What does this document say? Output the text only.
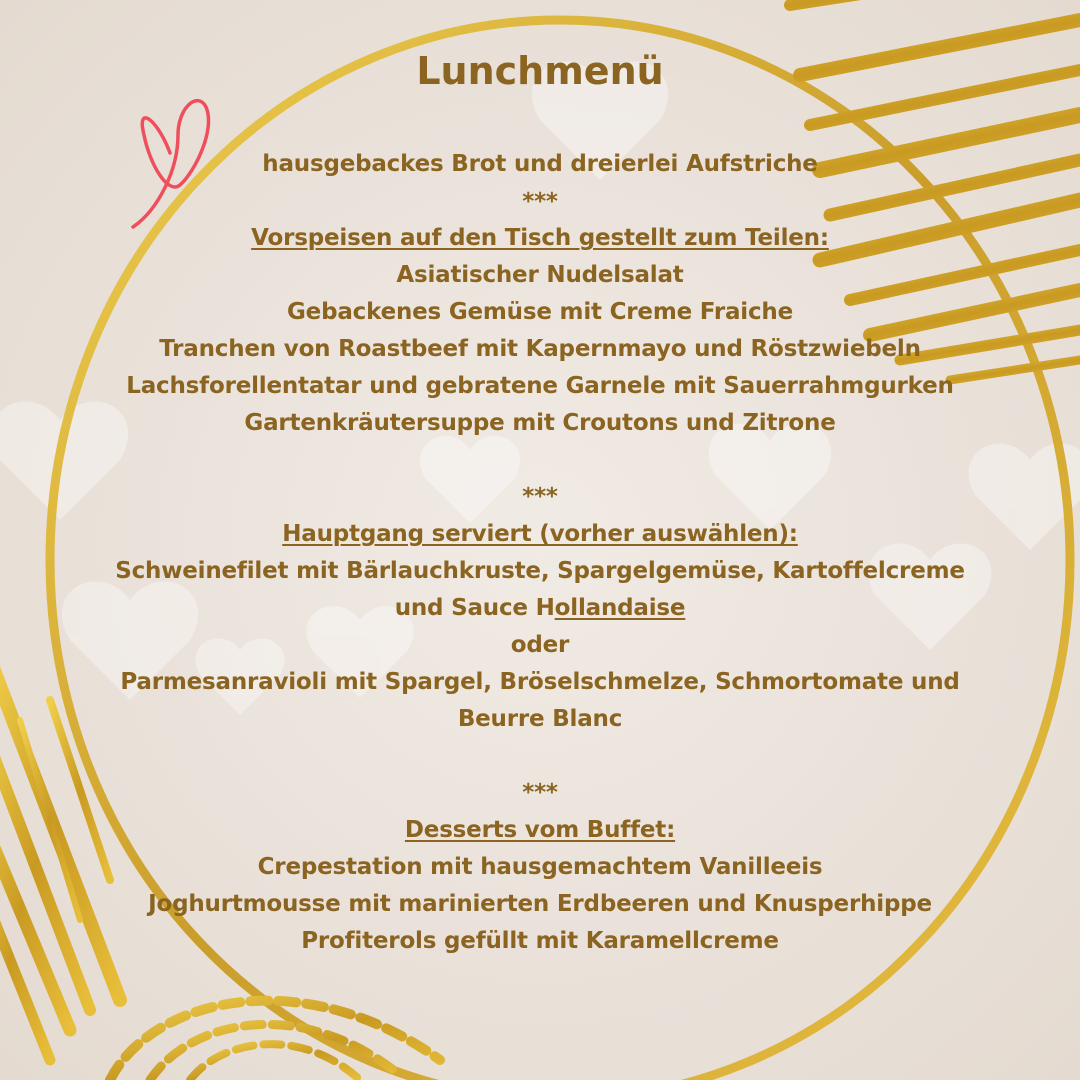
Lunchmenü
hausgebackes Brot und dreierlei Aufstriche
***
Vorspeisen auf den Tisch gestellt zum Teilen:
Asiatischer Nudelsalat
Gebackenes Gemüse mit Creme Fraiche
Tranchen von Roastbeef mit Kapernmayo und Röstzwiebeln
Lachsforellentatar und gebratene Garnele mit Sauerrahmgurken
Gartenkräutersuppe mit Croutons und Zitrone
***
Hauptgang serviert (vorher auswählen):
Schweinefilet mit Bärlauchkruste, Spargelgemüse, Kartoffelcreme
und Sauce Hollandaise
oder
Parmesanravioli mit Spargel, Bröselschmelze, Schmortomate und
Beurre Blanc
***
Desserts vom Buffet:
Crepestation mit hausgemachtem Vanilleeis
Joghurtmousse mit marinierten Erdbeeren und Knusperhippe
Profiterols gefüllt mit Karamellcreme
